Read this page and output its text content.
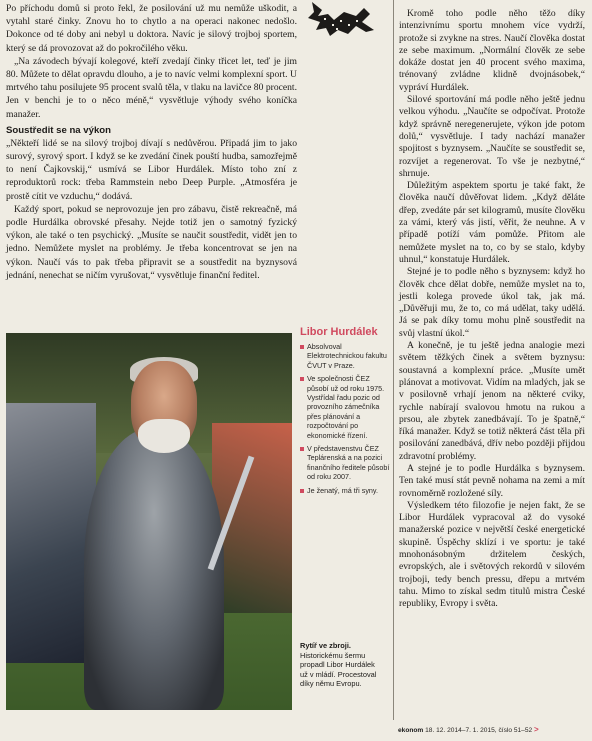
Po příchodu domů si proto řekl, že posilování už mu nemůže uškodit, a vytahl staré činky. Znovu ho to chytlo a na operaci nakonec nedošlo. Dokonce od té doby ani nebyl u doktora. Navíc je silový trojboj sportem, který se dá provozovat až do pokročilého věku.

„Na závodech bývají kolegové, kteří zvedají činky třicet let, teď je jim 80. Můžete to dělat opravdu dlouho, a je to navíc velmi komplexní sport. U mrtvého tahu posilujete 95 procent svalů těla, v tlaku na lavičce 80 procent. Jen v benchi je to o něco méně,“ vysvětluje výhody svého koníčka manažer.

Soustředit se na výkon

„Někteří lidé se na silový trojboj dívají s nedůvěrou. Připadá jim to jako surový, syrový sport. I když se ke zvedání činek pouští hudba, samozřejmě to není Čajkovskij,“ usmívá se Libor Hurdálek. Místo toho zní z reproduktorů rock: třeba Rammstein nebo Deep Purple. „Atmosféra je prostě cítit ve vzduchu,“ dodává.

Každý sport, pokud se neprovozuje jen pro zábavu, čistě rekreačně, má podle Hurdálka obrovské přesahy. Nejde totiž jen o samotný fyzický výkon, ale také o ten psychický. „Musíte se naučit soustředit, vidět jen to jedno. Nemůžete myslet na problémy. Je třeba koncentrovat se jen na výkon. Naučí vás to pak třeba připravit se a soustředit na byznysová jednání, nenechat se ničím vyrušovat,“ vysvětluje finanční ředitel.

Libor Hurdálek
Absolvoval Elektrotechnickou fakultu ČVUT v Praze.
Ve společnosti ČEZ působí už od roku 1975. Vystřídal řadu pozic od provozního zámečníka přes plánování a rozpočtování po ekonomické řízení.
V představenstvu ČEZ Teplárenská a na pozici finančního ředitele působí od roku 2007.
Je ženatý, má tři syny.
Rytíř ve zbroji. Historickému šermu propadl Libor Hurdálek už v mládí. Procestoval díky němu Evropu.

Kromě toho podle něho těžo díky intenzivnímu sportu mnohem více vydrží, protože si zvykne na stres. Naučí člověka dostat ze sebe maximum. „Normální člověk ze sebe dokáže dostat jen 40 procent svého maxima, trénovaný zvládne klidně dvojnásobek,“ vypráví Hurdálek.

Silové sportování má podle něho ještě jednu velkou výhodu. „Naučíte se odpočívat. Protože když správně neregenerujete, výkon jde potom dolů,“ vysvětluje. I tady nachází manažer spojitost s byznysem. „Naučíte se soustředit se, rozvíjet a regenerovat. To vše je nezbytné,“ shrnuje.

Důležitým aspektem sportu je také fakt, že člověka naučí důvěřovat lidem. „Když děláte dřep, zvedáte pár set kilogramů, musíte člověku za vámi, který vás jistí, věřit, že neuhne. A v případě potíží vám pomůže. Přitom ale nemůžete myslet na to, co by se stalo, kdyby uhnul,“ konstatuje Hurdálek.

Stejné je to podle něho s byznysem: když ho člověk chce dělat dobře, nemůže myslet na to, jestli kolega provede úkol tak, jak má. „Důvěřuji mu, že to, co má udělat, taky udělá. Já se pak díky tomu mohu plně soustředit na svůj vlastní úkol.“

A konečně, je tu ještě jedna analogie mezi světem těžkých činek a světem byznysu: soustavná a komplexní práce. „Musíte umět plánovat a motivovat. Vidím na mladých, jak se v posilovně vrhají jenom na některé cviky, rychle nabírají svalovou hmotu na rukou a prsou, ale zbytek zanedbávají. To je špatně,“ říká manažer. Když se totiž některá část těla při posilování zanedbává, dřív nebo později přijdou zdravotní problémy.

A stejné je to podle Hurdálka s byznysem. Ten také musí stát pevně nohama na zemi a mít rovnoměrně rozložené síly.

Výsledkem této filozofie je nejen fakt, že se Libor Hurdálek vypracoval až do vysoké manažerské pozice v největší české energetické skupině. Úspěchy sklízí i ve sportu: je také mnohonásobným držitelem českých, evropských, ale i světových rekordů v silovém trojboji, tedy bench pressu, dřepu a mrtvém tahu. Mimo to získal sedm titulů mistra České republiky, Evropy i světa.

ekonom 18. 12. 2014–7. 1. 2015, číslo 51–52 >
